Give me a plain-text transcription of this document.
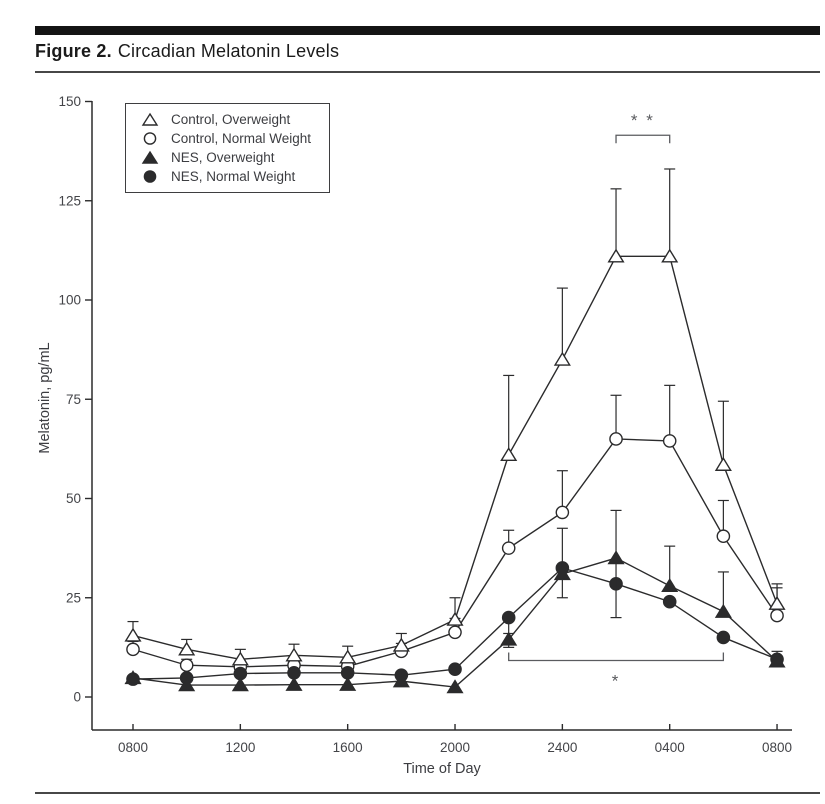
Figure 2. Circadian Melatonin Levels
0
25
50
75
100
125
150
0800	1200	1600	2000	2400	0400	0800
* *
*
Control, Overweight
Control, Normal Weight
NES, Overweight
NES, Normal Weight
Melatonin, pg/mL
Time of Day
